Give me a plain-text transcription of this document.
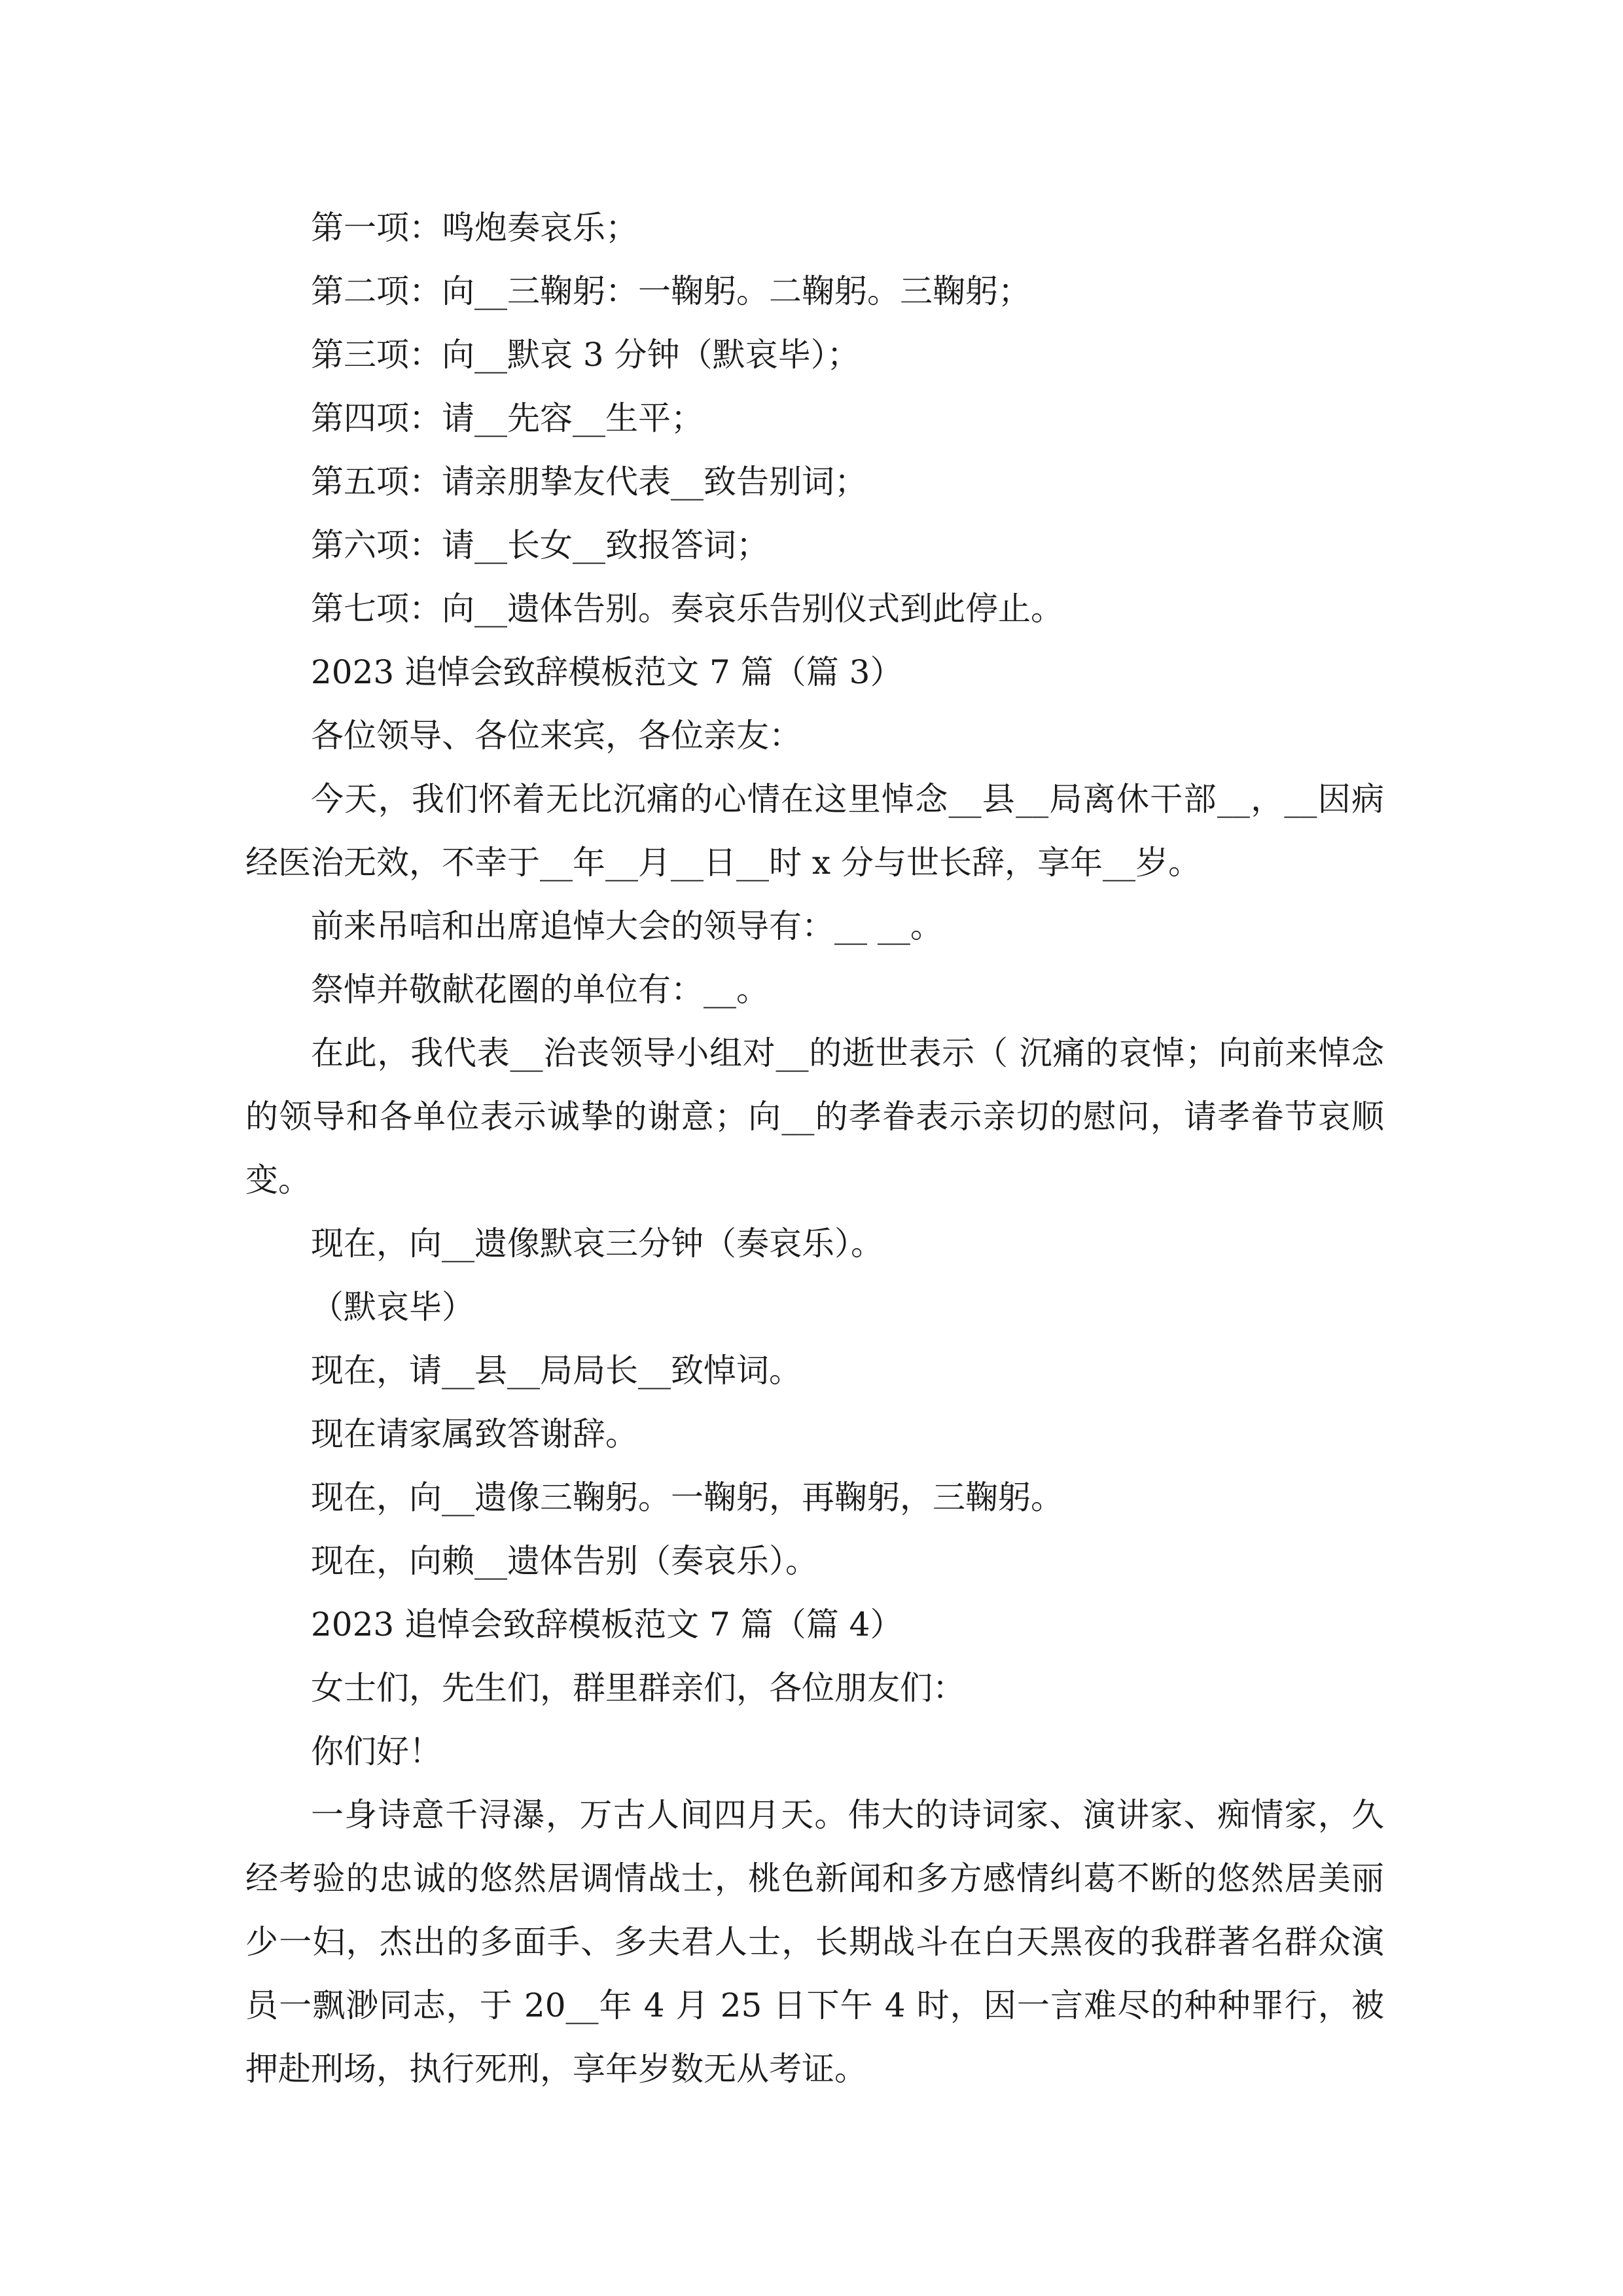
第一项：鸣炮奏哀乐；

第二项：向__三鞠躬：一鞠躬。二鞠躬。三鞠躬；

第三项：向__默哀 3 分钟（默哀毕）；

第四项：请__先容__生平；

第五项：请亲朋挚友代表__致告别词；

第六项：请__长女__致报答词；

第七项：向__遗体告别。奏哀乐告别仪式到此停止。

2023 追悼会致辞模板范文 7 篇（篇 3）

各位领导、各位来宾，各位亲友：

今天，我们怀着无比沉痛的心情在这里悼念__县__局离休干部__，__因病经医治无效，不幸于__年__月__日__时 x 分与世长辞，享年__岁。

前来吊唁和出席追悼大会的领导有：__ __。

祭悼并敬献花圈的单位有：__。

在此，我代表__治丧领导小组对__的逝世表示（ 沉痛的哀悼；向前来悼念的领导和各单位表示诚挚的谢意；向__的孝眷表示亲切的慰问，请孝眷节哀顺变。

现在，向__遗像默哀三分钟（奏哀乐）。

（默哀毕）

现在，请__县__局局长__致悼词。

现在请家属致答谢辞。

现在，向__遗像三鞠躬。一鞠躬，再鞠躬，三鞠躬。

现在，向赖__遗体告别（奏哀乐）。

2023 追悼会致辞模板范文 7 篇（篇 4）

女士们，先生们，群里群亲们，各位朋友们：

你们好！

一身诗意千浔瀑，万古人间四月天。伟大的诗词家、演讲家、痴情家，久经考验的忠诚的悠然居调情战士，桃色新闻和多方感情纠葛不断的悠然居美丽少一妇，杰出的多面手、多夫君人士，长期战斗在白天黑夜的我群著名群众演员一飘渺同志，于 20__年 4 月 25 日下午 4 时，因一言难尽的种种罪行，被押赴刑场，执行死刑，享年岁数无从考证。
